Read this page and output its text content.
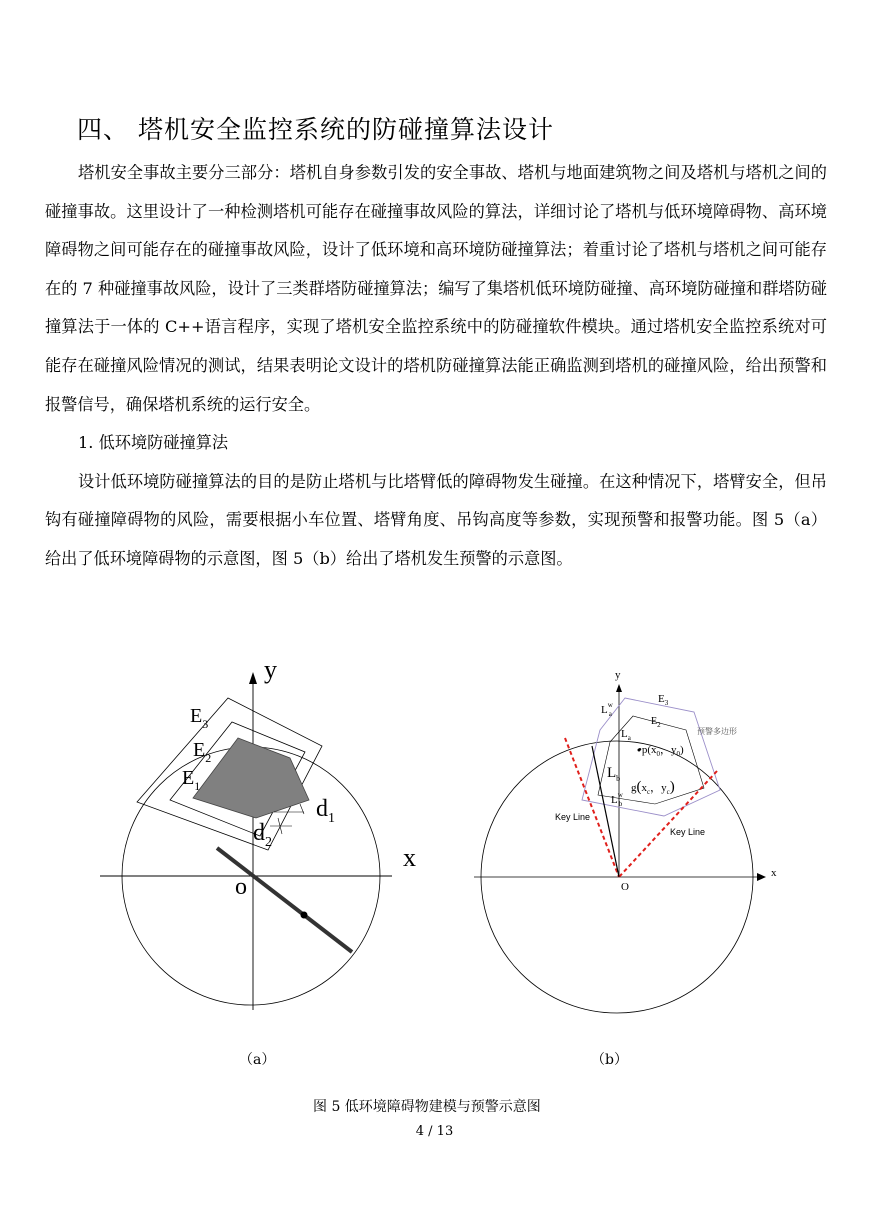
四、 塔机安全监控系统的防碰撞算法设计

塔机安全事故主要分三部分：塔机自身参数引发的安全事故、塔机与地面建筑物之间及塔机与塔机之间的碰撞事故。这里设计了一种检测塔机可能存在碰撞事故风险的算法，详细讨论了塔机与低环境障碍物、高环境障碍物之间可能存在的碰撞事故风险，设计了低环境和高环境防碰撞算法；着重讨论了塔机与塔机之间可能存在的 7 种碰撞事故风险，设计了三类群塔防碰撞算法；编写了集塔机低环境防碰撞、高环境防碰撞和群塔防碰撞算法于一体的 C++语言程序，实现了塔机安全监控系统中的防碰撞软件模块。通过塔机安全监控系统对可能存在碰撞风险情况的测试，结果表明论文设计的塔机防碰撞算法能正确监测到塔机的碰撞风险，给出预警和报警信号，确保塔机系统的运行安全。

1. 低环境防碰撞算法

设计低环境防碰撞算法的目的是防止塔机与比塔臂低的障碍物发生碰撞。在这种情况下，塔臂安全，但吊钩有碰撞障碍物的风险，需要根据小车位置、塔臂角度、吊钩高度等参数，实现预警和报警功能。图 5（a）给出了低环境障碍物的示意图，图 5（b）给出了塔机发生预警的示意图。

y
x
o
$E_3$
$E_2$
$E_1$
$d_1$
$d_2$
y
x
O
$E_3$
$E_2$
$L^w$ a
$L_a$
$L_b$
$L^w$ b
预警多边形
$•p(x_0$，$y_0$)
$g(x_c$，$y_c$)
Key Line
Key Line
（a）	（b）
图 5 低环境障碍物建模与预警示意图
4 / 13
